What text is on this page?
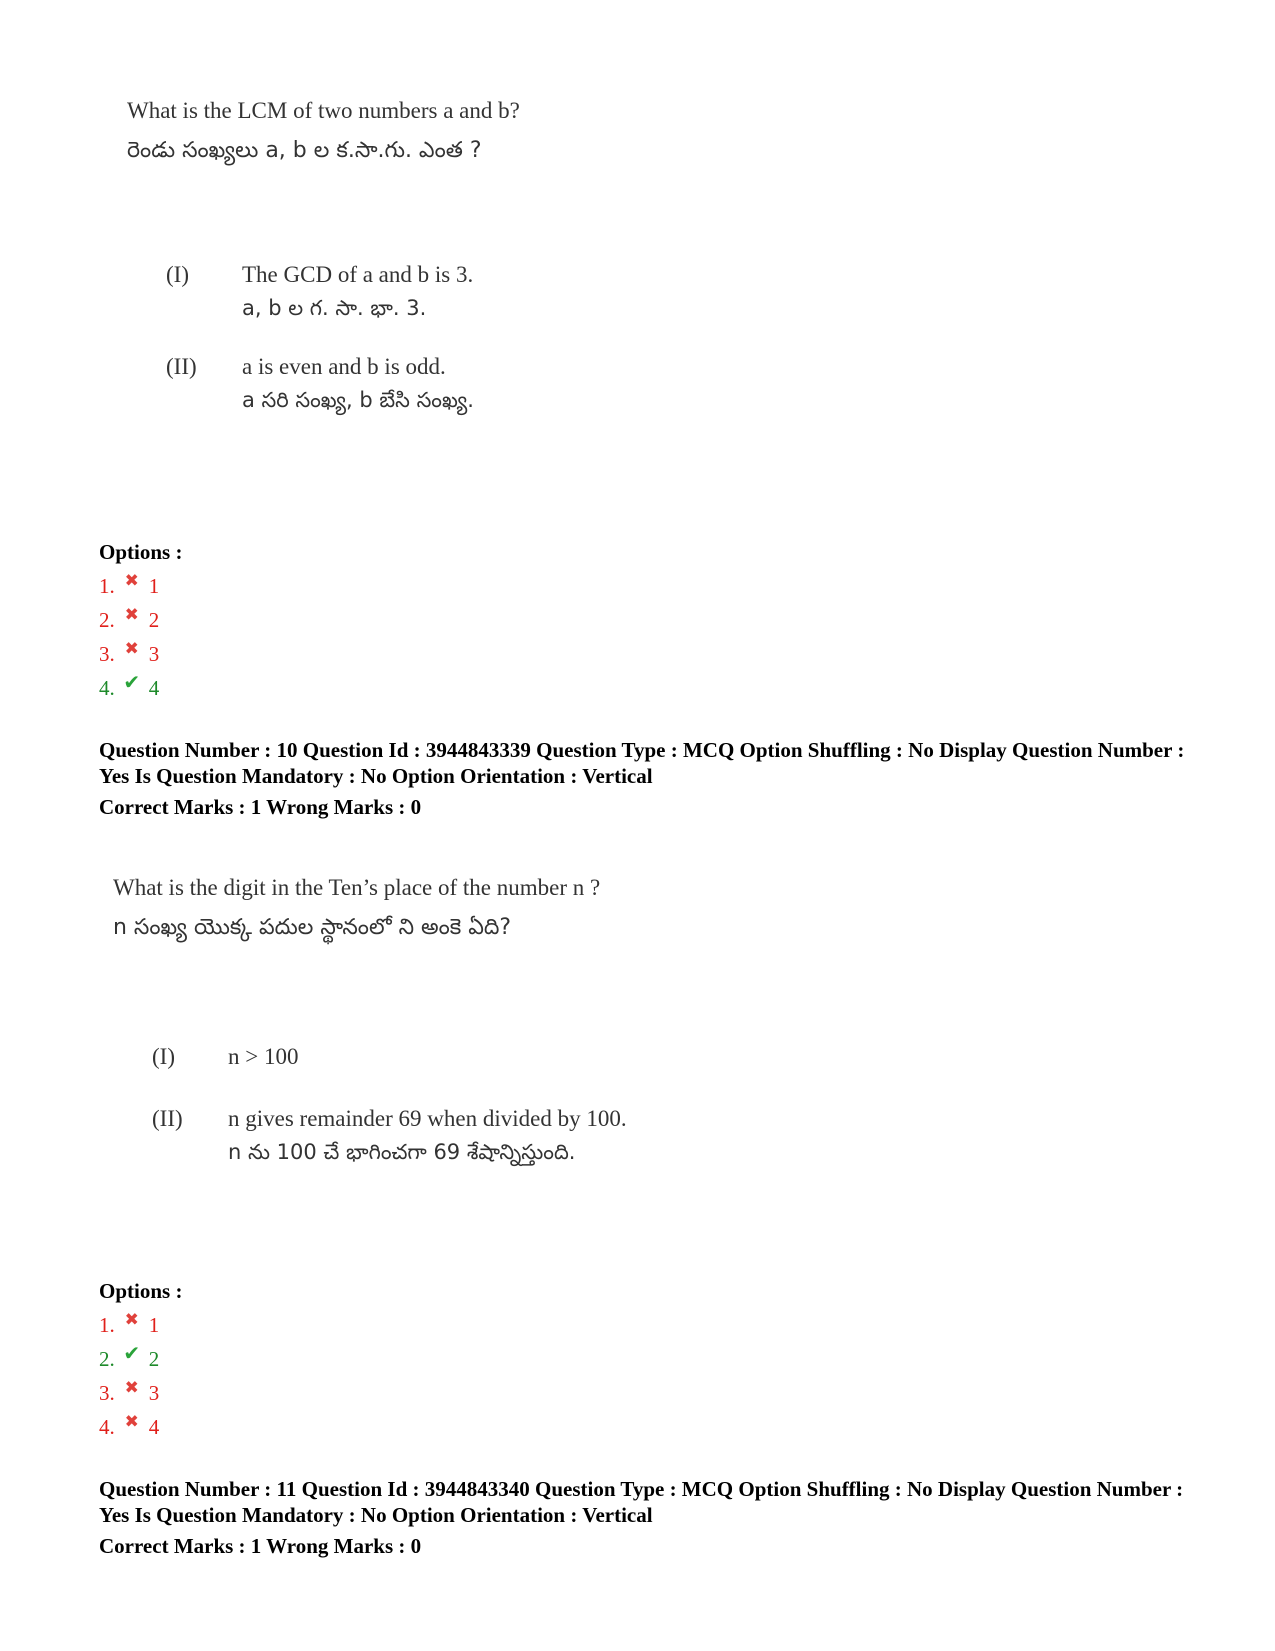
What is the LCM of two numbers a and b?
రెండు సంఖ్యలు a, b ల క.సా.గు. ఎంత ?
(I) The GCD of a and b is 3.
a, b ల గ. సా. భా. 3.
(II) a is even and b is odd.
a సరి సంఖ్య, b బేసి సంఖ్య.
Options :
1. ✖ 1
2. ✖ 2
3. ✖ 3
4. ✔ 4
Question Number : 10 Question Id : 3944843339 Question Type : MCQ Option Shuffling : No Display Question Number : Yes Is Question Mandatory : No Option Orientation : Vertical
Correct Marks : 1 Wrong Marks : 0
What is the digit in the Ten’s place of the number n ?
n సంఖ్య యొక్క పదుల స్థానంలో ని అంకె ఏది?
(I) n > 100
(II) n gives remainder 69 when divided by 100.
n ను 100 చే భాగించగా 69 శేషాన్నిస్తుంది.
Options :
1. ✖ 1
2. ✔ 2
3. ✖ 3
4. ✖ 4
Question Number : 11 Question Id : 3944843340 Question Type : MCQ Option Shuffling : No Display Question Number : Yes Is Question Mandatory : No Option Orientation : Vertical
Correct Marks : 1 Wrong Marks : 0
